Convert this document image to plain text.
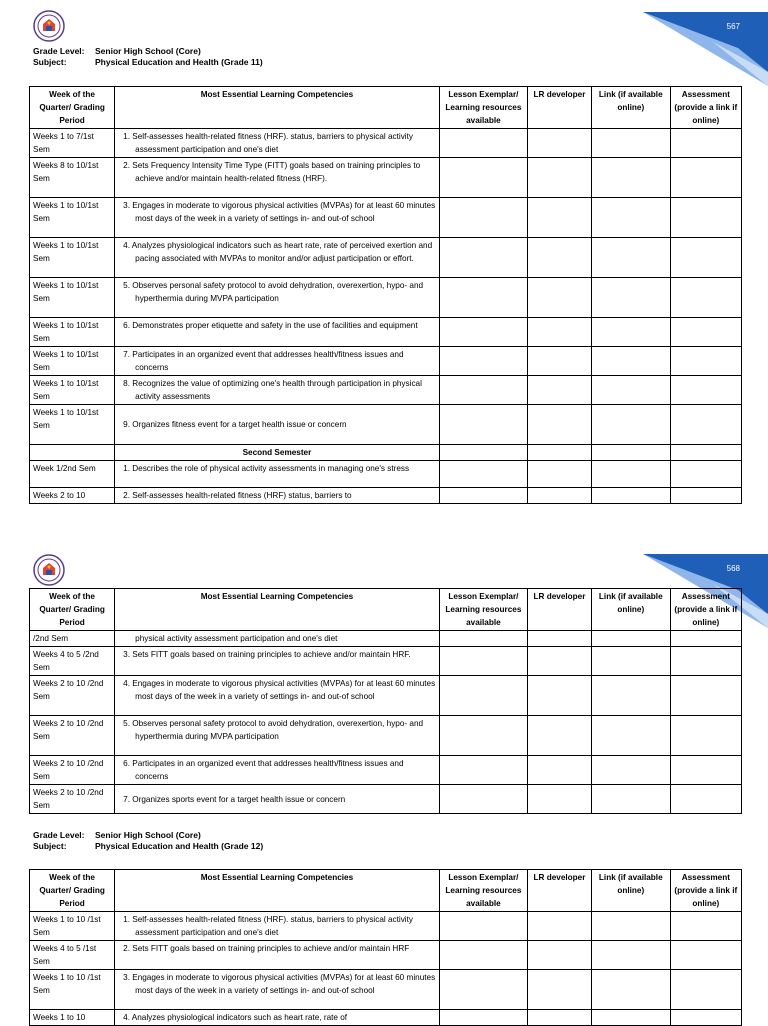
567
Grade Level: Senior High School (Core)
Subject:	Physical Education and Health (Grade 11)
Week of the Quarter/ Grading Period	Most Essential Learning Competencies	Lesson Exemplar/ Learning resources available	LR developer	Link (if available online)	Assessment (provide a link if online)
Weeks 1 to 7/1st Sem	1. Self-assesses health-related fitness (HRF). status, barriers to physical activity assessment participation and one's diet				

Weeks 8 to 10/1st Sem	2. Sets Frequency Intensity Time Type (FITT) goals based on training principles to achieve and/or maintain health-related fitness (HRF).				

Weeks 1 to 10/1st Sem	3. Engages in moderate to vigorous physical activities (MVPAs) for at least 60 minutes most days of the week in a variety of settings in- and out-of school				

Weeks 1 to 10/1st Sem	4. Analyzes physiological indicators such as heart rate, rate of perceived exertion and pacing associated with MVPAs to monitor and/or adjust participation or effort.				

Weeks 1 to 10/1st Sem	5. Observes personal safety protocol to avoid dehydration, overexertion, hypo- and hyperthermia during MVPA participation				

Weeks 1 to 10/1st Sem	6. Demonstrates proper etiquette and safety in the use of facilities and equipment				

Weeks 1 to 10/1st Sem	7. Participates in an organized event that addresses health/fitness issues and concerns				

Weeks 1 to 10/1st Sem	8. Recognizes the value of optimizing one's health through participation in physical activity assessments				

Weeks 1 to 10/1st Sem	9. Organizes fitness event for a target health issue or concern				

	Second Semester				
Week 1/2nd Sem	1. Describes the role of physical activity assessments in managing one's stress				

Weeks 2 to 10	2. Self-assesses health-related fitness (HRF) status, barriers to				

568
Week of the Quarter/ Grading Period	Most Essential Learning Competencies	Lesson Exemplar/ Learning resources available	LR developer	Link (if available online)	Assessment (provide a link if online)
/2nd Sem	physical activity assessment participation and one's diet				

Weeks 4 to 5 /2nd Sem	3. Sets FITT goals based on training principles to achieve and/or maintain HRF.				

Weeks 2 to 10 /2nd Sem	4. Engages in moderate to vigorous physical activities (MVPAs) for at least 60 minutes most days of the week in a variety of settings in- and out-of school				

Weeks 2 to 10 /2nd Sem	5. Observes personal safety protocol to avoid dehydration, overexertion, hypo- and hyperthermia during MVPA participation				

Weeks 2 to 10 /2nd Sem	6. Participates in an organized event that addresses health/fitness issues and concerns				

Weeks 2 to 10 /2nd Sem	7. Organizes sports event for a target health issue or concern				

Grade Level: Senior High School (Core)
Subject:	Physical Education and Health (Grade 12)
Week of the Quarter/ Grading Period	Most Essential Learning Competencies	Lesson Exemplar/ Learning resources available	LR developer	Link (if available online)	Assessment (provide a link if online)
Weeks 1 to 10 /1st Sem	1. Self-assesses health-related fitness (HRF). status, barriers to physical activity assessment participation and one's diet				

Weeks 4 to 5 /1st Sem	2. Sets FITT goals based on training principles to achieve and/or maintain HRF				

Weeks 1 to 10 /1st Sem	3. Engages in moderate to vigorous physical activities (MVPAs) for at least 60 minutes most days of the week in a variety of settings in- and out-of school				

Weeks 1 to 10	4. Analyzes physiological indicators such as heart rate, rate of				
